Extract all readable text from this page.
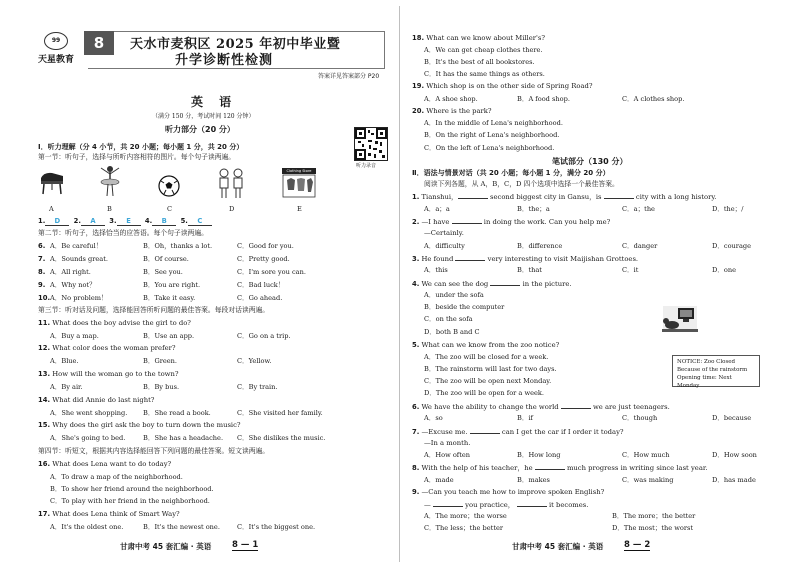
99
天星教育
8	天水市麦积区 2025 年初中毕业暨
升学诊断性检测
答案详见答案部分 P20
英 语
（满分 150 分，考试时间 120 分钟）
听力部分（20 分）
听力录音
Ⅰ．听力理解（分 4 小节，共 20 小题；每小题 1 分，共 20 分）
第一节：听句子，选择与所听内容相符的图片。每个句子读两遍。
Clothing Store
A	B	C	D	E
1. D 2. A 3. E 4. B 5. C
第二节：听句子，选择恰当的应答语。每个句子读两遍。
6. A．Be careful！	B．Oh，thanks a lot.	C．Good for you.
7. A．Sounds great.	B．Of course.	C．Pretty good.
8. A．All right.	B．See you.	C．I'm sore you can.
9. A．Why not？	B．You are right.	C．Bad luck！
10. A．No problem！	B．Take it easy.	C．Go ahead.
第三节：听对话及问题，选择能回答所听问题的最佳答案。每段对话读两遍。
11. What does the boy advise the girl to do?
A．Buy a map.	B．Use an app.	C．Go on a trip.
12. What color does the woman prefer?
A．Blue.	B．Green.	C．Yellow.
13. How will the woman go to the town?
A．By air.	B．By bus.	C．By train.
14. What did Annie do last night?
A．She went shopping. B．She read a book.	C．She visited her family.
15. Why does the girl ask the boy to turn down the music?
A．She's going to bed.	B．She has a headache. C．She dislikes the music.
第四节：听短文，根据其内容选择能回答下列问题的最佳答案。短文读两遍。
16. What does Lena want to do today?
A．To draw a map of the neighborhood.
B．To show her friend around the neighborhood.
C．To play with her friend in the neighborhood.
17. What does Lena think of Smart Way?
A．It's the oldest one.	B．It's the newest one.	C．It's the biggest one.
甘肃中考 45 套汇编 · 英语 8 — 1
18. What can we know about Miller's?
A．We can get cheap clothes there.
B．It's the best of all bookstores.
C．It has the same things as others.
19. Which shop is on the other side of Spring Road?
A．A shoe shop.	B．A food shop.	C．A clothes shop.
20. Where is the park?
A．In the middle of Lena's neighborhood.
B．On the right of Lena's neighborhood.
C．On the left of Lena's neighborhood.
笔试部分（130 分）
Ⅱ．语法与情景对话（共 20 小题；每小题 1 分，满分 20 分）
阅读下列各题，从 A，B，C，D 四个选项中选择一个最佳答案。
1. Tianshui，	second biggest city in Gansu，is	city with a long history.
A．a；a	B．the；a	C．a；the	D．the；/
2. —I have	in doing the work. Can you help me?
—Certainly.
A．difficulty	B．difference	C．danger	D．courage
3. He found	very interesting to visit Maijishan Grottoes.
A．this	B．that	C．it	D．one
4. We can see the dog	in the picture.
A．under the sofa
B．beside the computer
C．on the sofa
D．both B and C
5. What can we know from the zoo notice?
A．The zoo will be closed for a week.
B．The rainstorm will last for two days.
C．The zoo will be open next Monday.
D．The zoo will be open for a week.
NOTICE: Zoo Closed
Because of the rainstorm
Opening time: Next Monday
6. We have the ability to change the world	we are just teenagers.
A．so	B．if	C．though	D．because
7. —Excuse me.	can I get the car if I order it today?
—In a month.
A．How often	B．How long	C．How much	D．How soon
8. With the help of his teacher，he	much progress in writing since last year.
A．made	B．makes	C．was making	D．has made
9. —Can you teach me how to improve spoken English?
—	you practice，	it becomes.
A．The more；the worse	B．The more；the better
C．The less；the better	D．The most；the worst
甘肃中考 45 套汇编 · 英语 8 — 2
